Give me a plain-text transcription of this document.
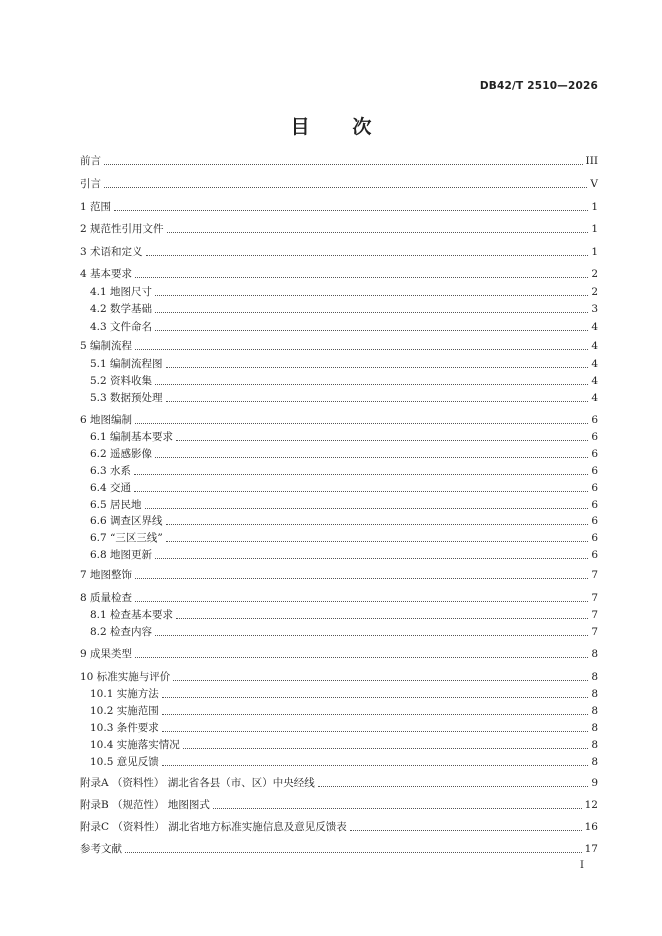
DB42/T 2510—2026
目 次
前言	III
引言	V
1 范围	1
2 规范性引用文件	1
3 术语和定义	1
4 基本要求	2
4.1 地图尺寸	2
4.2 数学基础	3
4.3 文件命名	4
5 编制流程	4
5.1 编制流程图	4
5.2 资料收集	4
5.3 数据预处理	4
6 地图编制	6
6.1 编制基本要求	6
6.2 遥感影像	6
6.3 水系	6
6.4 交通	6
6.5 居民地	6
6.6 调查区界线	6
6.7 “三区三线”	6
6.8 地图更新	6
7 地图整饰	7
8 质量检查	7
8.1 检查基本要求	7
8.2 检查内容	7
9 成果类型	8
10 标准实施与评价	8
10.1 实施方法	8
10.2 实施范围	8
10.3 条件要求	8
10.4 实施落实情况	8
10.5 意见反馈	8
附录A （资料性） 湖北省各县（市、区）中央经线	9
附录B （规范性） 地图图式	12
附录C （资料性） 湖北省地方标准实施信息及意见反馈表	16
参考文献	17
I
